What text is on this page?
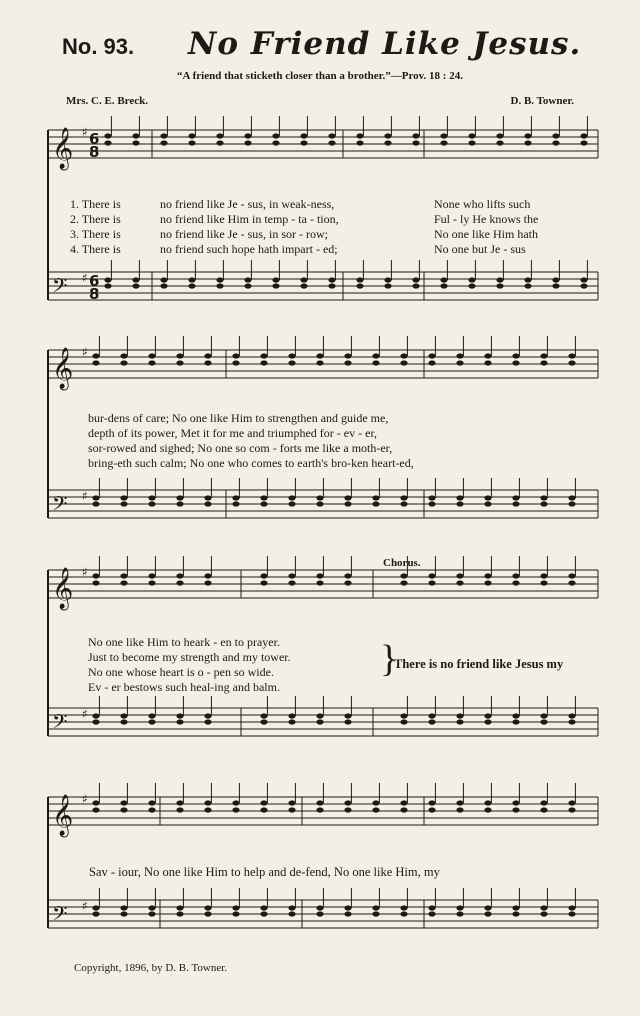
No. 93. No Friend Like Jesus.
“A friend that sticketh closer than a brother.”—Prov. 18 : 24.
Mrs. C. E. Breck.	D. B. Towner.
𝄞 ♯
𝄢 ♯
𝄞 ♯
𝄢 ♯
𝄞 ♯
𝄢 ♯
𝄞 ♯
𝄢 ♯
6
8
6
8
1. There is	no friend like Je - sus, in weak-ness,	None who lifts such
2. There is	no friend like Him in temp - ta - tion,	Ful - ly He knows the
3. There is	no friend like Je - sus, in sor - row;	No one like Him hath
4. There is	no friend such hope hath impart - ed;	No one but Je - sus
bur-dens of care; No one like Him to strengthen and guide me,
depth of its power, Met it for me and triumphed for - ev - er,
sor-rowed and sighed; No one so com - forts me like a moth-er,
bring-eth such calm; No one who comes to earth's bro-ken heart-ed,
Chorus.
No one like Him to heark - en to prayer.
Just to become my strength and my tower.
No one whose heart is o - pen so wide.
Ev - er bestows such heal-ing and balm.
}
There is no friend like Jesus my
Sav - iour, No one like Him to help and de-fend, No one like Him, my
Copyright, 1896, by D. B. Towner.
